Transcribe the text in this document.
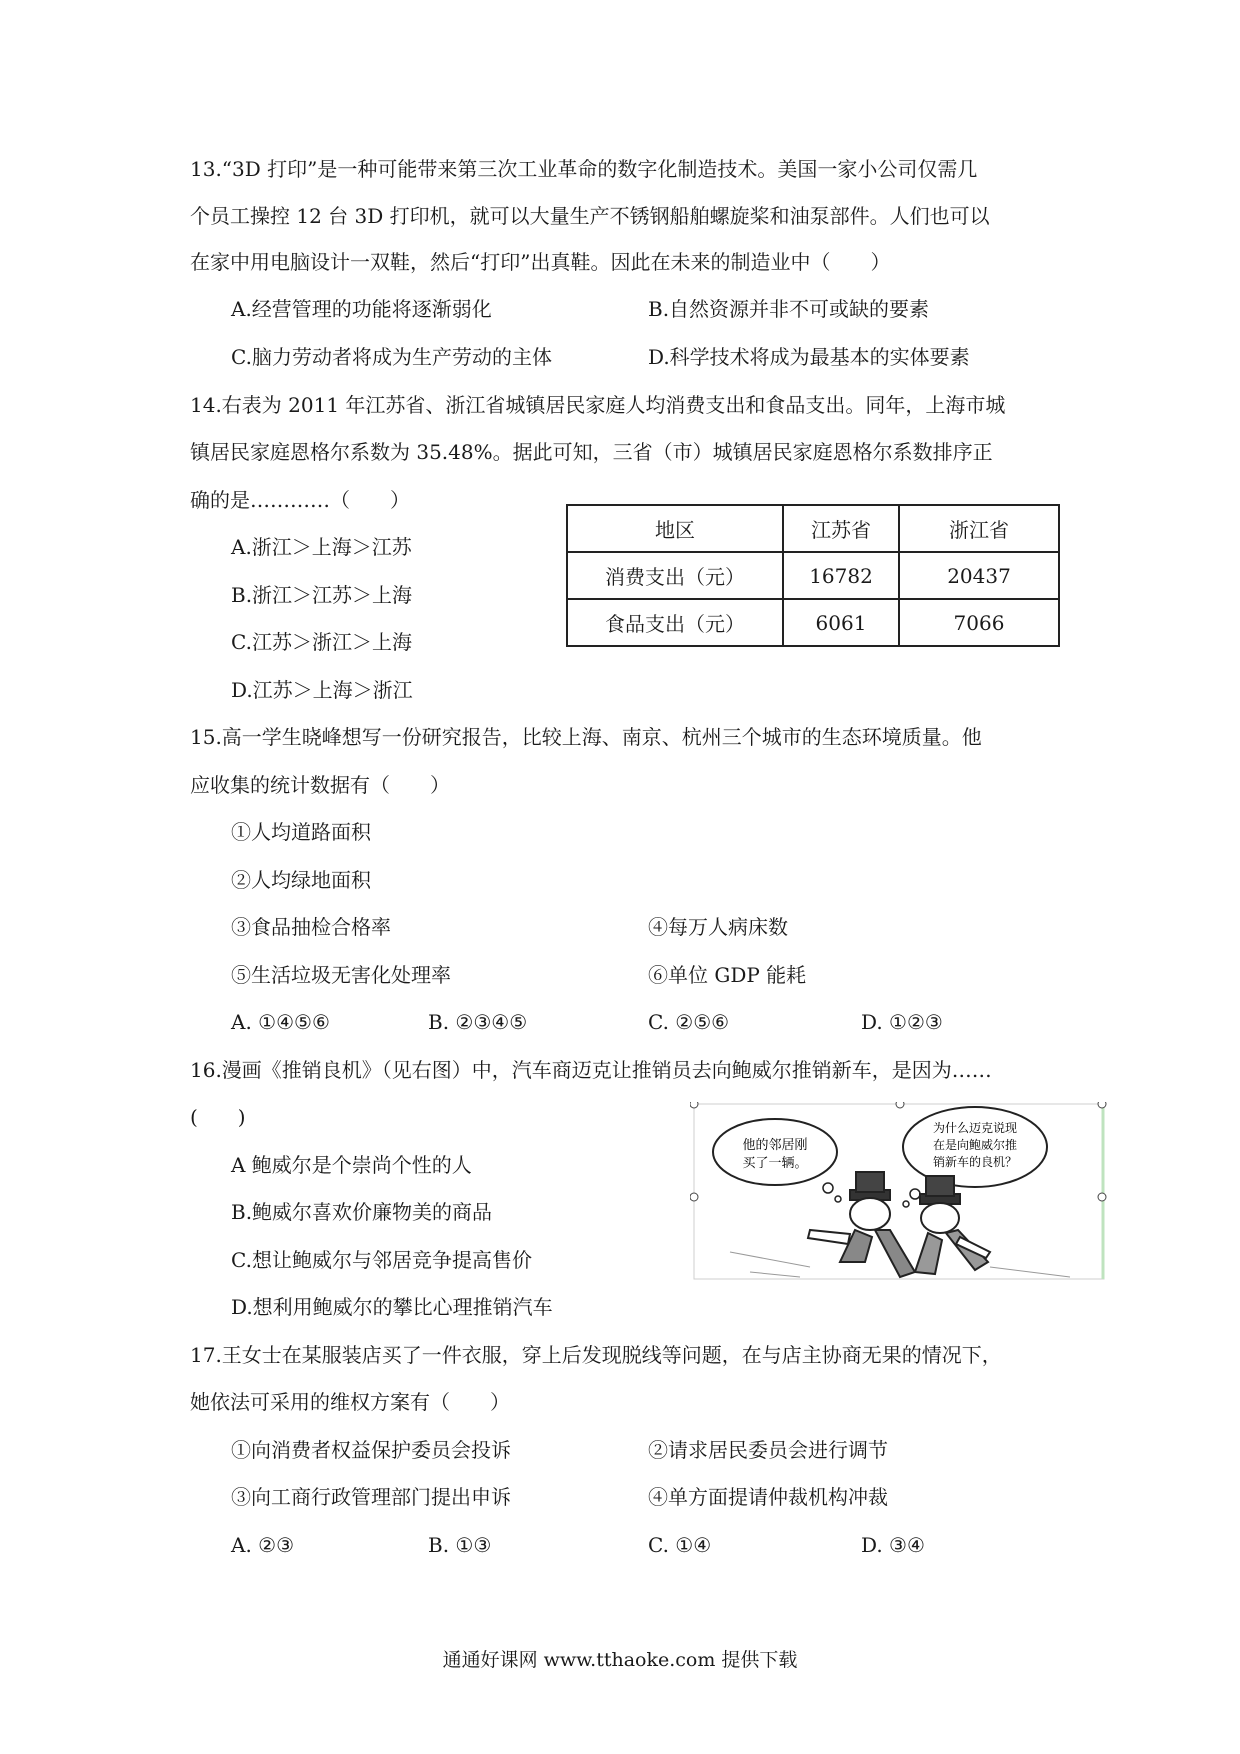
13.“3D 打印”是一种可能带来第三次工业革命的数字化制造技术。美国一家小公司仅需几
个员工操控 12 台 3D 打印机，就可以大量生产不锈钢船舶螺旋桨和油泵部件。人们也可以
在家中用电脑设计一双鞋，然后“打印”出真鞋。因此在未来的制造业中（　　）
A.经营管理的功能将逐渐弱化	B.自然资源并非不可或缺的要素
C.脑力劳动者将成为生产劳动的主体	D.科学技术将成为最基本的实体要素
14.右表为 2011 年江苏省、浙江省城镇居民家庭人均消费支出和食品支出。同年，上海市城
镇居民家庭恩格尔系数为 35.48%。据此可知，三省（市）城镇居民家庭恩格尔系数排序正
确的是…………（　　）
A.浙江＞上海＞江苏
B.浙江＞江苏＞上海
C.江苏＞浙江＞上海
D.江苏＞上海＞浙江
地区	江苏省	浙江省
消费支出（元）	16782	20437
食品支出（元）	6061	7066
15.高一学生晓峰想写一份研究报告，比较上海、南京、杭州三个城市的生态环境质量。他
应收集的统计数据有（　　）
①人均道路面积
②人均绿地面积
③食品抽检合格率	④每万人病床数
⑤生活垃圾无害化处理率	⑥单位 GDP 能耗
A. ①④⑤⑥	B. ②③④⑤	C. ②⑤⑥	D. ①②③
16.漫画《推销良机》（见右图）中，汽车商迈克让推销员去向鲍威尔推销新车，是因为……
(　　)
A 鲍威尔是个崇尚个性的人
B.鲍威尔喜欢价廉物美的商品
C.想让鲍威尔与邻居竞争提高售价
D.想利用鲍威尔的攀比心理推销汽车
他的邻居刚
买了一辆。
为什么迈克说现
在是向鲍威尔推
销新车的良机？
17.王女士在某服装店买了一件衣服，穿上后发现脱线等问题，在与店主协商无果的情况下，
她依法可采用的维权方案有（　　）
①向消费者权益保护委员会投诉	②请求居民委员会进行调节
③向工商行政管理部门提出申诉	④单方面提请仲裁机构冲裁
A. ②③	B. ①③	C. ①④	D. ③④
通通好课网 www.tthaoke.com 提供下载
